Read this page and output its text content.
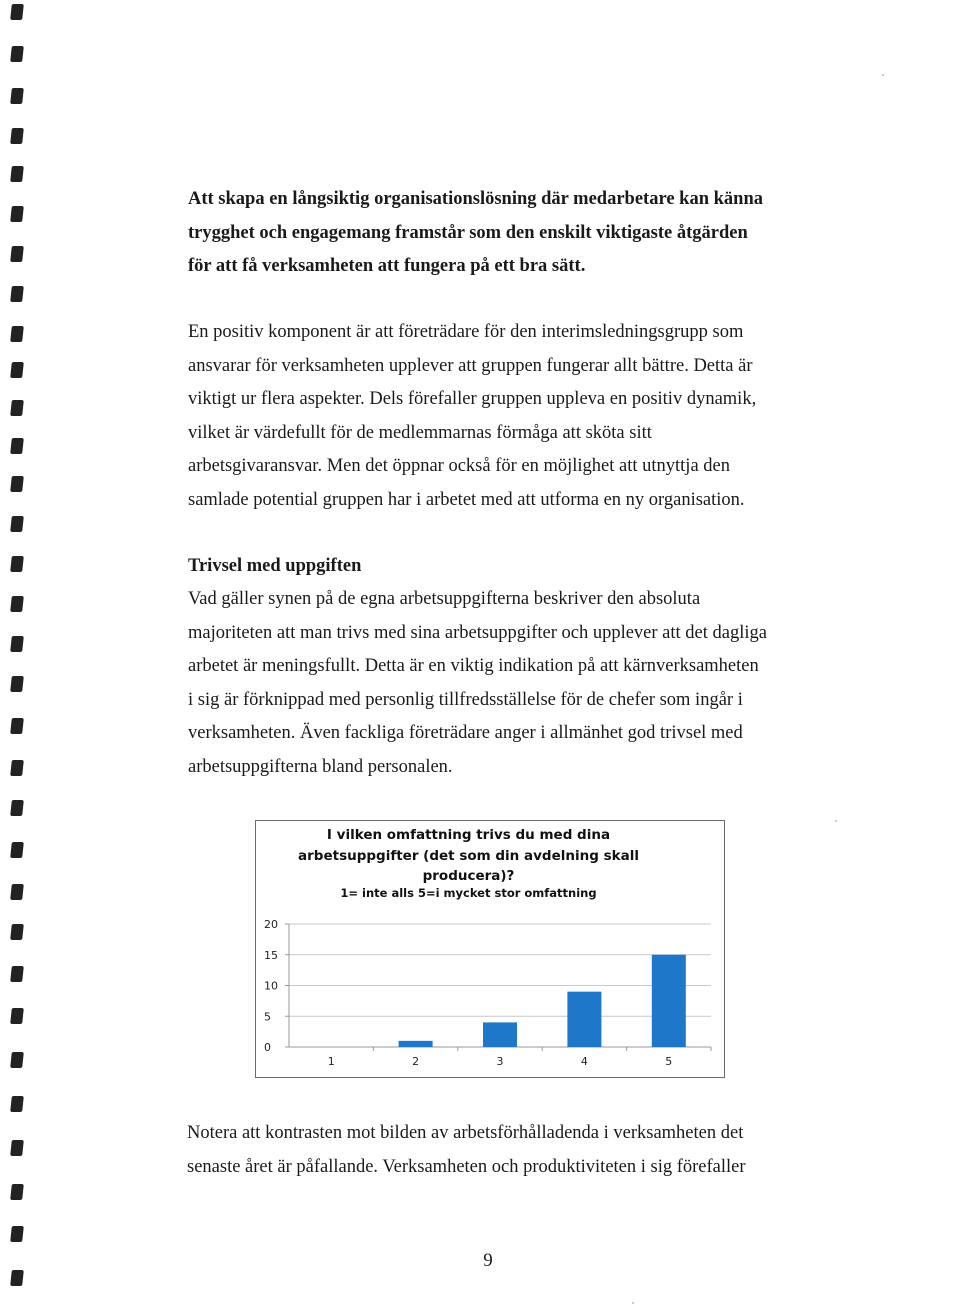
Att skapa en långsiktig organisationslösning där medarbetare kan känna
trygghet och engagemang framstår som den enskilt viktigaste åtgärden
för att få verksamheten att fungera på ett bra sätt.
En positiv komponent är att företrädare för den interimsledningsgrupp som
ansvarar för verksamheten upplever att gruppen fungerar allt bättre. Detta är
viktigt ur flera aspekter. Dels förefaller gruppen uppleva en positiv dynamik,
vilket är värdefullt för de medlemmarnas förmåga att sköta sitt
arbetsgivaransvar. Men det öppnar också för en möjlighet att utnyttja den
samlade potential gruppen har i arbetet med att utforma en ny organisation.
Trivsel med uppgiften
Vad gäller synen på de egna arbetsuppgifterna beskriver den absoluta
majoriteten att man trivs med sina arbetsuppgifter och upplever att det dagliga
arbetet är meningsfullt. Detta är en viktig indikation på att kärnverksamheten
i sig är förknippad med personlig tillfredsställelse för de chefer som ingår i
verksamheten. Även fackliga företrädare anger i allmänhet god trivsel med
arbetsuppgifterna bland personalen.
I vilken omfattning trivs du med dina
arbetsuppgifter (det som din avdelning skall
producera)?
1= inte alls 5=i mycket stor omfattning
0
5
10
15
20
1	2	3	4	5
Notera att kontrasten mot bilden av arbetsförhålladenda i verksamheten det
senaste året är påfallande. Verksamheten och produktiviteten i sig förefaller
9
